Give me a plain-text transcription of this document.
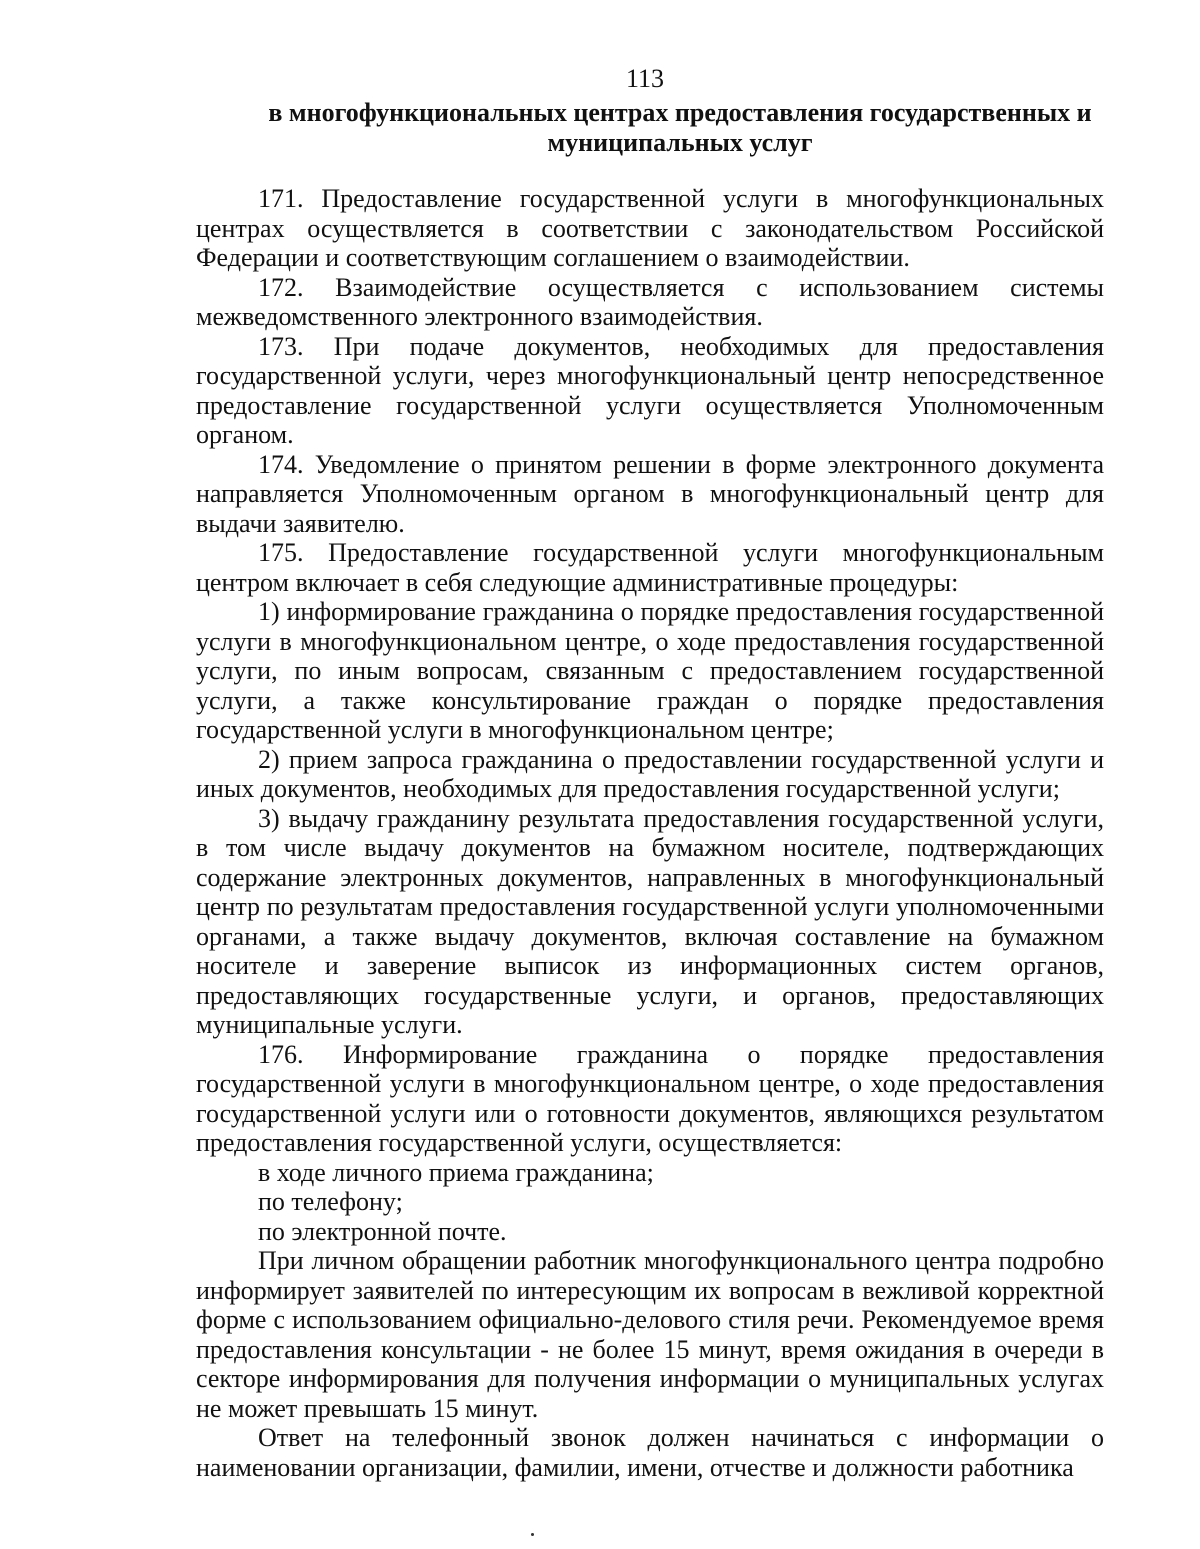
113
в многофункциональных центрах предоставления государственных и муниципальных услуг

171. Предоставление государственной услуги в многофункциональных центрах осуществляется в соответствии с законодательством Российской Федерации и соответствующим соглашением о взаимодействии.

172. Взаимодействие осуществляется с использованием системы межведомственного электронного взаимодействия.

173. При подаче документов, необходимых для предоставления государственной услуги, через многофункциональный центр непосредственное предоставление государственной услуги осуществляется Уполномоченным органом.

174. Уведомление о принятом решении в форме электронного документа направляется Уполномоченным органом в многофункциональный центр для выдачи заявителю.

175. Предоставление государственной услуги многофункциональным центром включает в себя следующие административные процедуры:

1) информирование гражданина о порядке предоставления государственной услуги в многофункциональном центре, о ходе предоставления государственной услуги, по иным вопросам, связанным с предоставлением государственной услуги, а также консультирование граждан о порядке предоставления государственной услуги в многофункциональном центре;

2) прием запроса гражданина о предоставлении государственной услуги и иных документов, необходимых для предоставления государственной услуги;

3) выдачу гражданину результата предоставления государственной услуги, в том числе выдачу документов на бумажном носителе, подтверждающих содержание электронных документов, направленных в многофункциональный центр по результатам предоставления государственной услуги уполномоченными органами, а также выдачу документов, включая составление на бумажном носителе и заверение выписок из информационных систем органов, предоставляющих государственные услуги, и органов, предоставляющих муниципальные услуги.

176. Информирование гражданина о порядке предоставления государственной услуги в многофункциональном центре, о ходе предоставления государственной услуги или о готовности документов, являющихся результатом предоставления государственной услуги, осуществляется:

в ходе личного приема гражданина;

по телефону;

по электронной почте.

При личном обращении работник многофункционального центра подробно информирует заявителей по интересующим их вопросам в вежливой корректной форме с использованием официально-делового стиля речи. Рекомендуемое время предоставления консультации - не более 15 минут, время ожидания в очереди в секторе информирования для получения информации о муниципальных услугах не может превышать 15 минут.

Ответ на телефонный звонок должен начинаться с информации о наименовании организации, фамилии, имени, отчестве и должности работника
